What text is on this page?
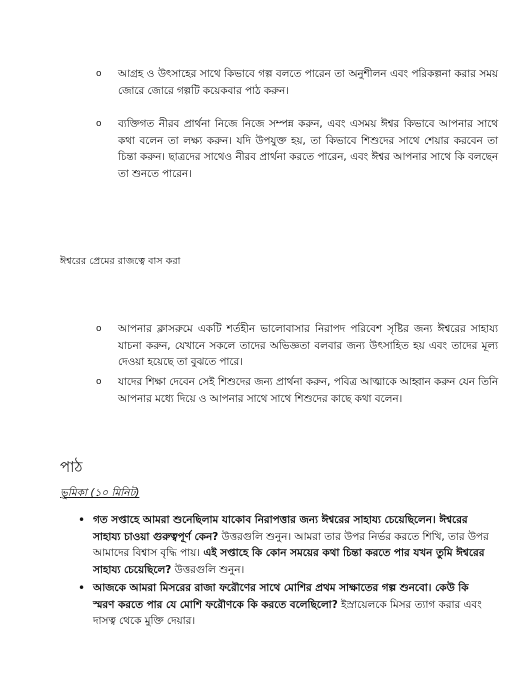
o আগ্রহ ও উৎসাহের সাথে কিভাবে গল্প বলতে পারেন তা অনুশীলন এবং পরিকল্পনা করার সময় জোরে জোরে গল্পটি কয়েকবার পাঠ করুন।

o ব্যক্তিগত নীরব প্রার্থনা নিজে নিজে সম্পন্ন করুন, এবং এসময় ঈশ্বর কিভাবে আপনার সাথে কথা বলেন তা লক্ষ্য করুন। যদি উপযুক্ত হয়, তা কিভাবে শিশুদের সাথে শেয়ার করবেন তা চিন্তা করুন। ছাত্রদের সাথেও নীরব প্রার্থনা করতে পারেন, এবং ঈশ্বর আপনার সাথে কি বলছেন তা শুনতে পারেন।

ঈশ্বরের প্রেমের রাজত্বে বাস করা
o আপনার ক্লাসরুমে একটি শর্তহীন ভালোবাসার নিরাপদ পরিবেশ সৃষ্টির জন্য ঈশ্বরের সাহায্য যাচনা করুন, যেখানে সকলে তাদের অভিজ্ঞতা বলবার জন্য উৎসাহিত হয় এবং তাদের মূল্য দেওয়া হয়েছে তা বুঝতে পারে।

o যাদের শিক্ষা দেবেন সেই শিশুদের জন্য প্রার্থনা করুন, পবিত্র আত্মাকে আহ্বান করুন যেন তিনি আপনার মধ্যে দিয়ে ও আপনার সাথে সাথে শিশুদের কাছে কথা বলেন।

পাঠ
ভূমিকা (১০ মিনিট)
• গত সপ্তাহে আমরা শুনেছিলাম যাকোব নিরাপত্তার জন্য ঈশ্বরের সাহায্য চেয়েছিলেন। ঈশ্বরের সাহায্য চাওয়া গুরুত্বপূর্ণ কেন? উত্তরগুলি শুনুন। আমরা তার উপর নির্ভর করতে শিখি, তার উপর আমাদের বিশ্বাস বৃদ্ধি পায়। এই সপ্তাহে কি কোন সময়ের কথা চিন্তা করতে পার যখন তুমি ঈশ্বরের সাহায্য চেয়েছিলে? উত্তরগুলি শুনুন।

• আজকে আমরা মিসরের রাজা ফরৌণের সাথে মোশির প্রথম সাক্ষাতের গল্প শুনবো। কেউ কি স্মরণ করতে পার যে মোশি ফরৌণকে কি করতে বলেছিলো? ইস্রায়েলকে মিসর ত্যাগ করার এবং দাসত্ব থেকে মুক্তি দেয়ার।
